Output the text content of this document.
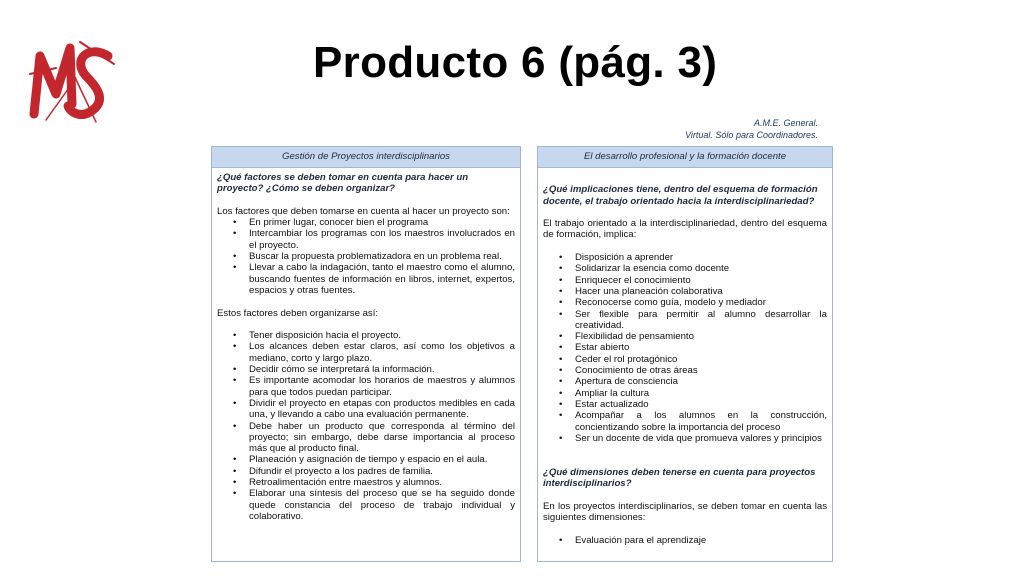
Producto 6 (pág. 3)
A.M.E. General.
Virtual. Sólo para Coordinadores.
Gestión de Proyectos interdisciplinarios

¿Qué factores se deben tomar en cuenta para hacer un proyecto? ¿Cómo se deben organizar?

Los factores que deben tomarse en cuenta al hacer un proyecto son:

• En primer lugar, conocer bien el programa
• Intercambiar los programas con los maestros involucrados en el proyecto.
• Buscar la propuesta problematizadora en un problema real.
• Llevar a cabo la indagación, tanto el maestro como el alumno, buscando fuentes de información en libros, internet, expertos, espacios y otras fuentes.

Estos factores deben organizarse así:

• Tener disposición hacia el proyecto.
• Los alcances deben estar claros, así como los objetivos a mediano, corto y largo plazo.
• Decidir cómo se interpretará la información.
• Es importante acomodar los horarios de maestros y alumnos para que todos puedan participar.
• Dividir el proyecto en etapas con productos medibles en cada una, y llevando a cabo una evaluación permanente.
• Debe haber un producto que corresponda al término del proyecto; sin embargo, debe darse importancia al proceso más que al producto final.
• Planeación y asignación de tiempo y espacio en el aula.
• Difundir el proyecto a los padres de familia.
• Retroalimentación entre maestros y alumnos.
• Elaborar una síntesis del proceso que se ha seguido donde quede constancia del proceso de trabajo individual y colaborativo.
El desarrollo profesional y la formación docente

¿Qué implicaciones tiene, dentro del esquema de formación docente, el trabajo orientado hacia la interdisciplinariedad?

El trabajo orientado a la interdisciplinariedad, dentro del esquema de formación, implica:

• Disposición a aprender
• Solidarizar la esencia como docente
• Enriquecer el conocimiento
• Hacer una planeación colaborativa
• Reconocerse como guía, modelo y mediador
• Ser flexible para permitir al alumno desarrollar la creatividad.
• Flexibilidad de pensamiento
• Estar abierto
• Ceder el rol protagónico
• Conocimiento de otras áreas
• Apertura de consciencia
• Ampliar la cultura
• Estar actualizado
• Acompañar a los alumnos en la construcción, concientizando sobre la importancia del proceso
• Ser un docente de vida que promueva valores y principios

¿Qué dimensiones deben tenerse en cuenta para proyectos interdisciplinarios?

En los proyectos interdisciplinarios, se deben tomar en cuenta las siguientes dimensiones:

• Evaluación para el aprendizaje
